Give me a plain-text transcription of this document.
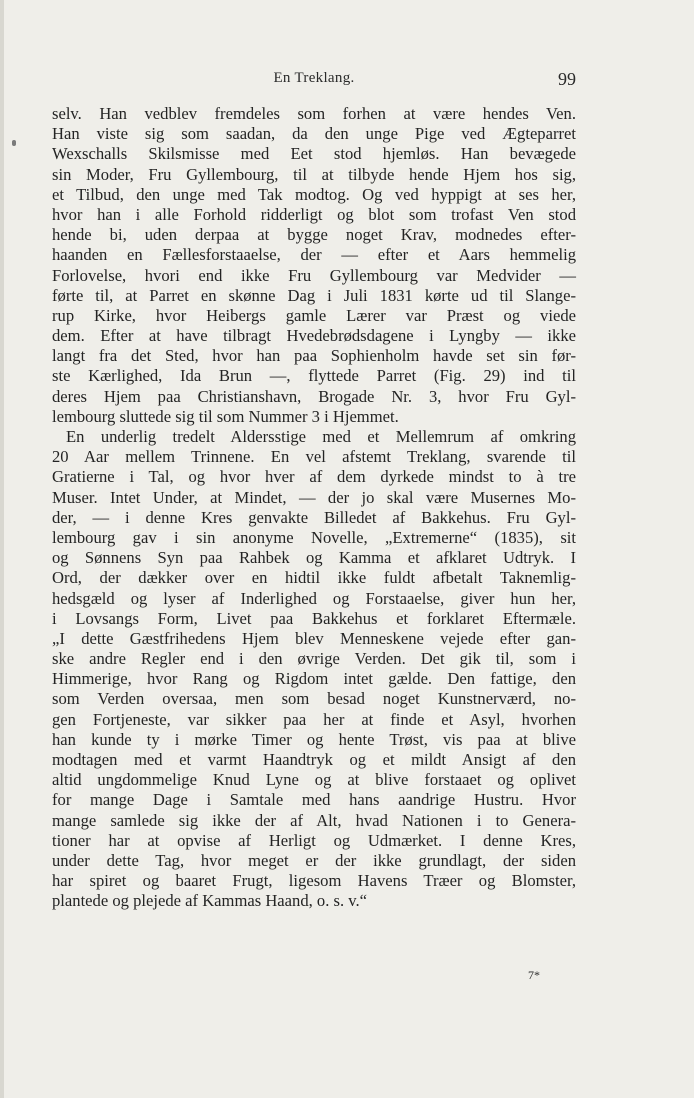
En Treklang.	99
selv. Han vedblev fremdeles som forhen at være hendes Ven.
Han viste sig som saadan, da den unge Pige ved Ægteparret
Wexschalls Skilsmisse med Eet stod hjemløs. Han bevægede
sin Moder, Fru Gyllembourg, til at tilbyde hende Hjem hos sig,
et Tilbud, den unge med Tak modtog. Og ved hyppigt at ses her,
hvor han i alle Forhold ridderligt og blot som trofast Ven stod
hende bi, uden derpaa at bygge noget Krav, modnedes efter-
haanden en Fællesforstaaelse, der — efter et Aars hemmelig
Forlovelse, hvori end ikke Fru Gyllembourg var Medvider —
førte til, at Parret en skønne Dag i Juli 1831 kørte ud til Slange-
rup Kirke, hvor Heibergs gamle Lærer var Præst og viede
dem. Efter at have tilbragt Hvedebrødsdagene i Lyngby — ikke
langt fra det Sted, hvor han paa Sophienholm havde set sin før-
ste Kærlighed, Ida Brun —, flyttede Parret (Fig. 29) ind til
deres Hjem paa Christianshavn, Brogade Nr. 3, hvor Fru Gyl-
lembourg sluttede sig til som Nummer 3 i Hjemmet.
En underlig tredelt Aldersstige med et Mellemrum af omkring
20 Aar mellem Trinnene. En vel afstemt Treklang, svarende til
Gratierne i Tal, og hvor hver af dem dyrkede mindst to à tre
Muser. Intet Under, at Mindet, — der jo skal være Musernes Mo-
der, — i denne Kres genvakte Billedet af Bakkehus. Fru Gyl-
lembourg gav i sin anonyme Novelle, „Extremerne“ (1835), sit
og Sønnens Syn paa Rahbek og Kamma et afklaret Udtryk. I
Ord, der dækker over en hidtil ikke fuldt afbetalt Taknemlig-
hedsgæld og lyser af Inderlighed og Forstaaelse, giver hun her,
i Lovsangs Form, Livet paa Bakkehus et forklaret Eftermæle.
„I dette Gæstfrihedens Hjem blev Menneskene vejede efter gan-
ske andre Regler end i den øvrige Verden. Det gik til, som i
Himmerige, hvor Rang og Rigdom intet gælde. Den fattige, den
som Verden oversaa, men som besad noget Kunstnerværd, no-
gen Fortjeneste, var sikker paa her at finde et Asyl, hvorhen
han kunde ty i mørke Timer og hente Trøst, vis paa at blive
modtagen med et varmt Haandtryk og et mildt Ansigt af den
altid ungdommelige Knud Lyne og at blive forstaaet og oplivet
for mange Dage i Samtale med hans aandrige Hustru. Hvor
mange samlede sig ikke der af Alt, hvad Nationen i to Genera-
tioner har at opvise af Herligt og Udmærket. I denne Kres,
under dette Tag, hvor meget er der ikke grundlagt, der siden
har spiret og baaret Frugt, ligesom Havens Træer og Blomster,
plantede og plejede af Kammas Haand, o. s. v.“
7*
